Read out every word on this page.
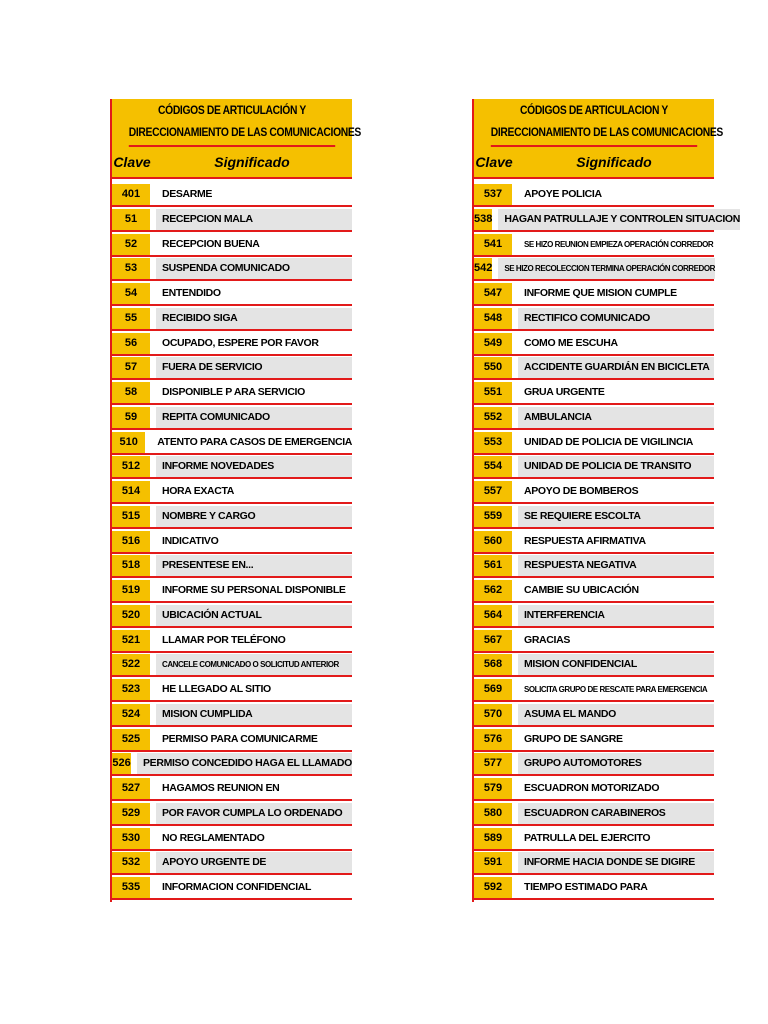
CÓDIGOS DE ARTICULACIÓN Y
DIRECCIONAMIENTO DE LAS COMUNICACIONES
Clave	Significado
401	DESARME
51	RECEPCION MALA
52	RECEPCION BUENA
53	SUSPENDA COMUNICADO
54	ENTENDIDO
55	RECIBIDO SIGA
56	OCUPADO, ESPERE POR FAVOR
57	FUERA DE SERVICIO
58	DISPONIBLE P ARA SERVICIO
59	REPITA COMUNICADO
510	ATENTO PARA CASOS DE EMERGENCIA
512	INFORME NOVEDADES
514	HORA EXACTA
515	NOMBRE Y CARGO
516	INDICATIVO
518	PRESENTESE EN...
519	INFORME SU PERSONAL DISPONIBLE
520	UBICACIÓN ACTUAL
521	LLAMAR POR TELÉFONO
522	CANCELE COMUNICADO O SOLICITUD ANTERIOR
523	HE LLEGADO AL SITIO
524	MISION CUMPLIDA
525	PERMISO PARA COMUNICARME
526	PERMISO CONCEDIDO HAGA EL LLAMADO
527	HAGAMOS REUNION EN
529	POR FAVOR CUMPLA LO ORDENADO
530	NO REGLAMENTADO
532	APOYO URGENTE DE
535	INFORMACION CONFIDENCIAL
CÓDIGOS DE ARTICULACION Y
DIRECCIONAMIENTO DE LAS COMUNICACIONES
Clave	Significado
537	APOYE POLICIA
538	HAGAN PATRULLAJE Y CONTROLEN SITUACION
541	SE HIZO REUNION EMPIEZA OPERACIÓN CORREDOR
542	SE HIZO RECOLECCION TERMINA OPERACIÓN CORREDOR
547	INFORME QUE MISION CUMPLE
548	RECTIFICO COMUNICADO
549	COMO ME ESCUHA
550	ACCIDENTE GUARDIÁN EN BICICLETA
551	GRUA URGENTE
552	AMBULANCIA
553	UNIDAD DE POLICIA DE VIGILINCIA
554	UNIDAD DE POLICIA DE TRANSITO
557	APOYO DE BOMBEROS
559	SE REQUIERE ESCOLTA
560	RESPUESTA AFIRMATIVA
561	RESPUESTA NEGATIVA
562	CAMBIE SU UBICACIÓN
564	INTERFERENCIA
567	GRACIAS
568	MISION CONFIDENCIAL
569	SOLICITA GRUPO DE RESCATE PARA EMERGENCIA
570	ASUMA EL MANDO
576	GRUPO DE SANGRE
577	GRUPO AUTOMOTORES
579	ESCUADRON MOTORIZADO
580	ESCUADRON CARABINEROS
589	PATRULLA DEL EJERCITO
591	INFORME HACIA DONDE SE DIGIRE
592	TIEMPO ESTIMADO PARA
